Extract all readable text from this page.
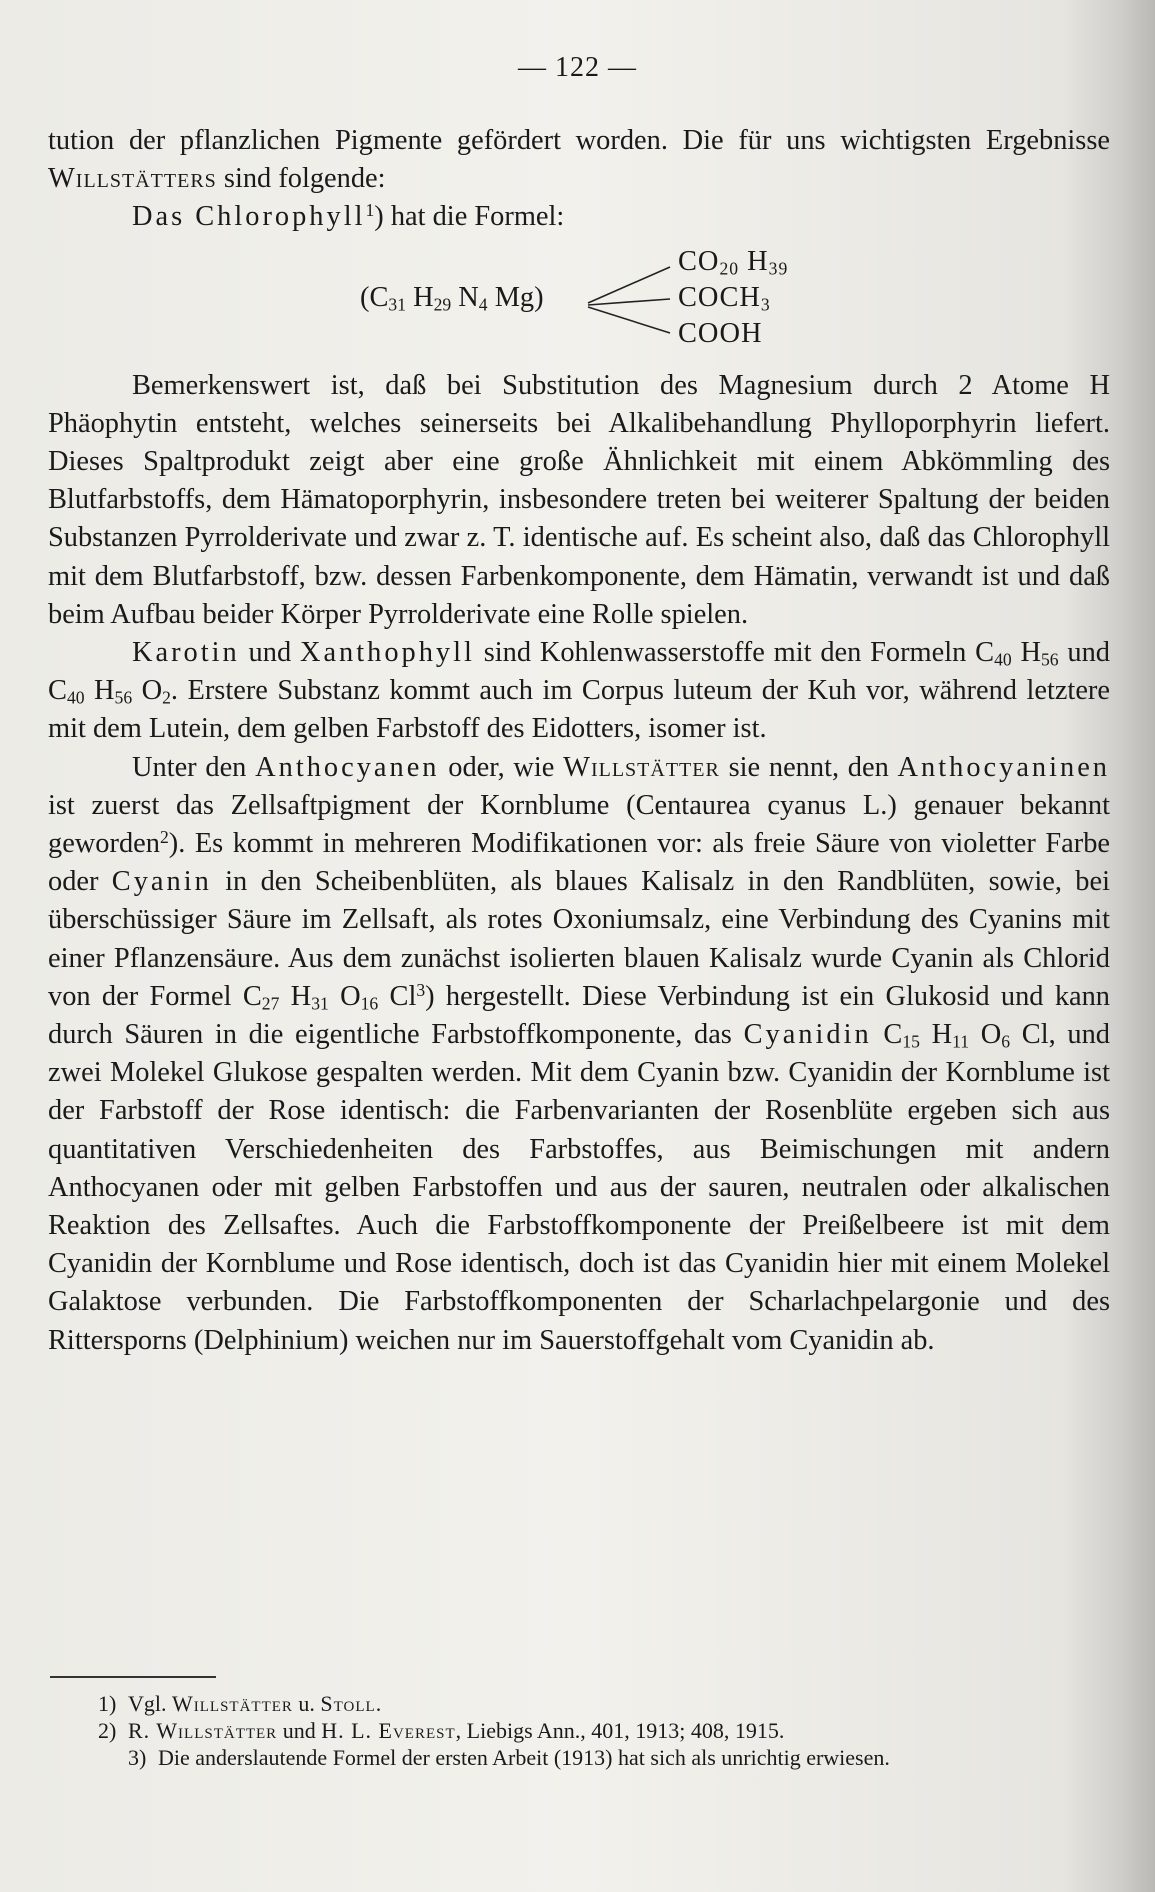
— 122 —

tution der pflanzlichen Pigmente gefördert worden. Die für uns wichtigsten Ergebnisse Willstätters sind folgende:

Das Chlorophyll$^1$) hat die Formel:

($C_{31}$ $H_{29}$ $N_4$ Mg)
$CO_{20}$ $H_{39}$
$COCH_3$
COOH

Bemerkenswert ist, daß bei Substitution des Magnesium durch 2 Atome H Phäophytin entsteht, welches seinerseits bei Alkalibehandlung Phylloporphyrin liefert. Dieses Spaltprodukt zeigt aber eine große Ähnlichkeit mit einem Abkömmling des Blutfarbstoffs, dem Hämatoporphyrin, insbesondere treten bei weiterer Spaltung der beiden Substanzen Pyrrolderivate und zwar z. T. identische auf. Es scheint also, daß das Chlorophyll mit dem Blutfarbstoff, bzw. dessen Farbenkomponente, dem Hämatin, verwandt ist und daß beim Aufbau beider Körper Pyrrolderivate eine Rolle spielen.

Karotin und Xanthophyll sind Kohlenwasserstoffe mit den Formeln $C_{40}$ $H_{56}$ und $C_{40}$ $H_{56}$ $O_2$. Erstere Substanz kommt auch im Corpus luteum der Kuh vor, während letztere mit dem Lutein, dem gelben Farbstoff des Eidotters, isomer ist.

Unter den Anthocyanen oder, wie Willstätter sie nennt, den Anthocyaninen ist zuerst das Zellsaftpigment der Kornblume (Centaurea cyanus L.) genauer bekannt geworden$^2$). Es kommt in mehreren Modifikationen vor: als freie Säure von violetter Farbe oder Cyanin in den Scheibenblüten, als blaues Kalisalz in den Randblüten, sowie, bei überschüssiger Säure im Zellsaft, als rotes Oxoniumsalz, eine Verbindung des Cyanins mit einer Pflanzensäure. Aus dem zunächst isolierten blauen Kalisalz wurde Cyanin als Chlorid von der Formel $C_{27}$ $H_{31}$ $O_{16}$ Cl$^3$) hergestellt. Diese Verbindung ist ein Glukosid und kann durch Säuren in die eigentliche Farbstoffkomponente, das Cyanidin $C_{15}$ $H_{11}$ $O_6$ Cl, und zwei Molekel Glukose gespalten werden. Mit dem Cyanin bzw. Cyanidin der Kornblume ist der Farbstoff der Rose identisch: die Farbenvarianten der Rosenblüte ergeben sich aus quantitativen Verschiedenheiten des Farbstoffes, aus Beimischungen mit andern Anthocyanen oder mit gelben Farbstoffen und aus der sauren, neutralen oder alkalischen Reaktion des Zellsaftes. Auch die Farbstoffkomponente der Preißelbeere ist mit dem Cyanidin der Kornblume und Rose identisch, doch ist das Cyanidin hier mit einem Molekel Galaktose verbunden. Die Farbstoffkomponenten der Scharlachpelargonie und des Rittersporns (Delphinium) weichen nur im Sauerstoffgehalt vom Cyanidin ab.

1) Vgl. Willstätter u. Stoll.

2) R. Willstätter und H. L. Everest, Liebigs Ann., 401, 1913; 408, 1915.

3) Die anderslautende Formel der ersten Arbeit (1913) hat sich als unrichtig erwiesen.
